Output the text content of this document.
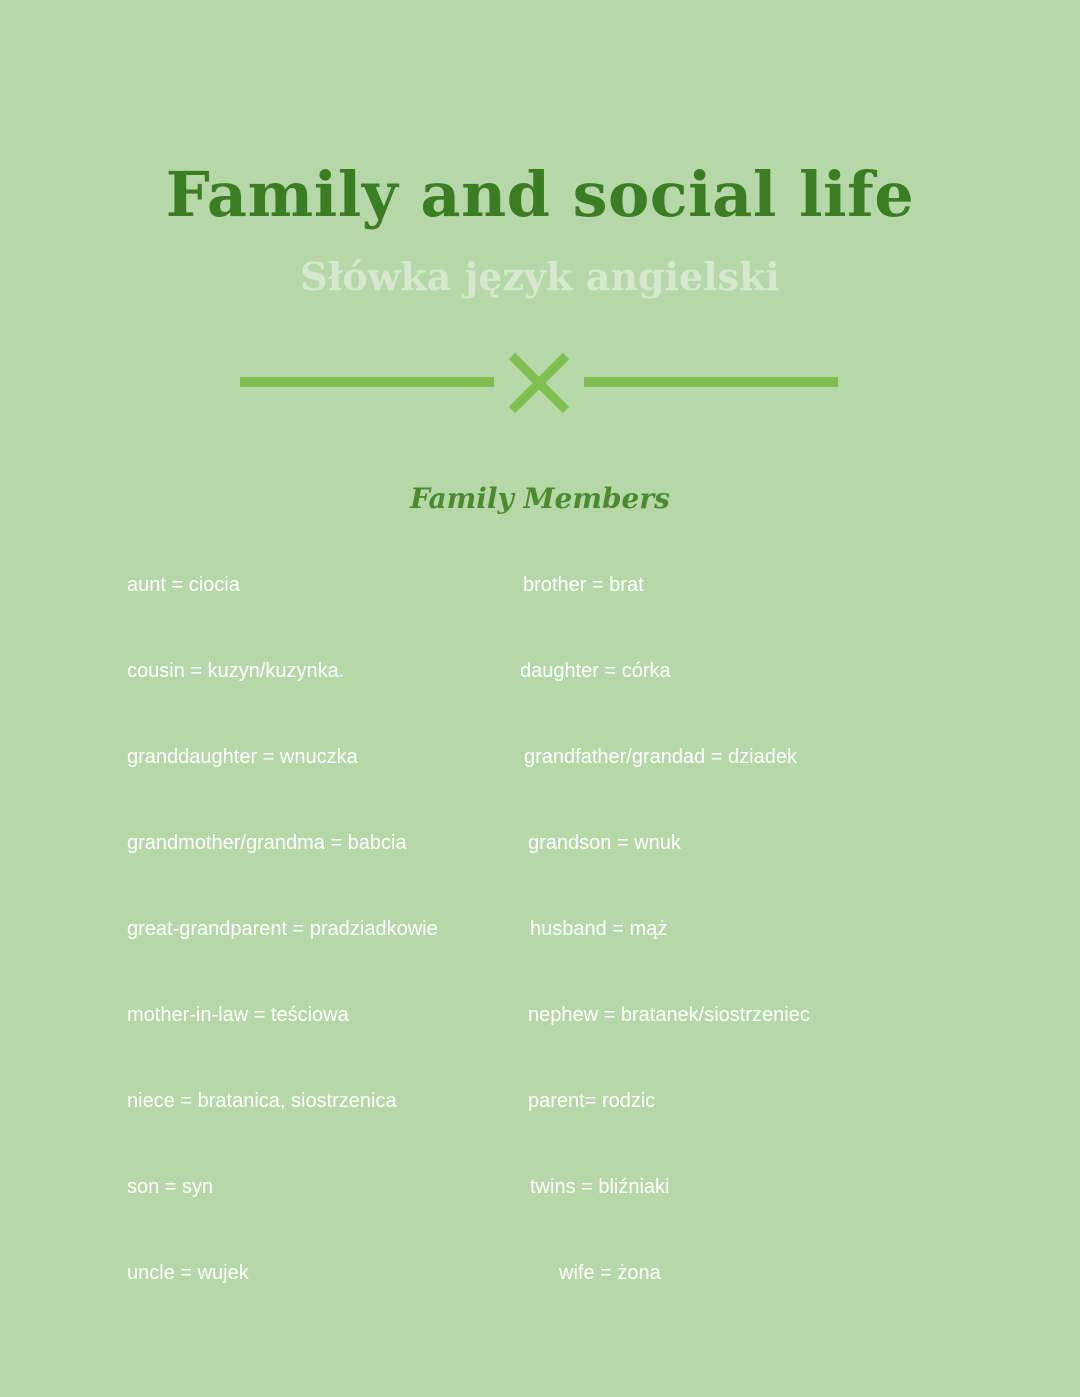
Family and social life
Słówka język angielski
Family Members
aunt = ciocia	brother = brat
cousin = kuzyn/kuzynka.	daughter = córka
granddaughter = wnuczka	grandfather/grandad = dziadek
grandmother/grandma = babcia	grandson = wnuk
great-grandparent = pradziadkowie	husband = mąż
mother-in-law = teściowa	nephew = bratanek/siostrzeniec
niece = bratanica, siostrzenica	parent= rodzic
son = syn	twins = bliźniaki
uncle = wujek	wife = żona
